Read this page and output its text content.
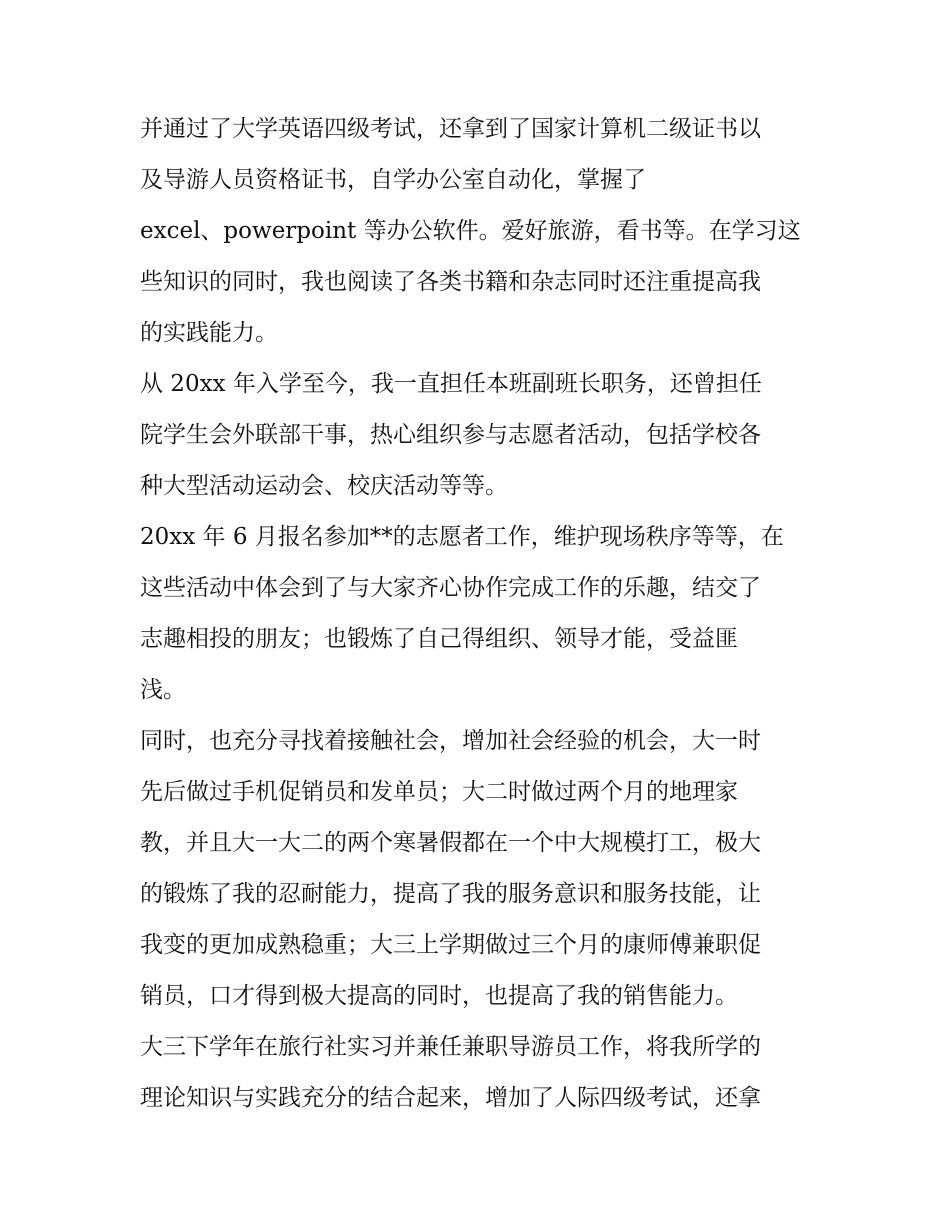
并通过了大学英语四级考试，还拿到了国家计算机二级证书以
及导游人员资格证书，自学办公室自动化，掌握了
excel、powerpoint 等办公软件。爱好旅游，看书等。在学习这
些知识的同时，我也阅读了各类书籍和杂志同时还注重提高我
的实践能力。

从 20xx 年入学至今，我一直担任本班副班长职务，还曾担任
院学生会外联部干事，热心组织参与志愿者活动，包括学校各
种大型活动运动会、校庆活动等等。

20xx 年 6 月报名参加**的志愿者工作，维护现场秩序等等，在
这些活动中体会到了与大家齐心协作完成工作的乐趣，结交了
志趣相投的朋友；也锻炼了自己得组织、领导才能，受益匪
浅。

同时，也充分寻找着接触社会，增加社会经验的机会，大一时
先后做过手机促销员和发单员；大二时做过两个月的地理家
教，并且大一大二的两个寒暑假都在一个中大规模打工，极大
的锻炼了我的忍耐能力，提高了我的服务意识和服务技能，让
我变的更加成熟稳重；大三上学期做过三个月的康师傅兼职促
销员，口才得到极大提高的同时，也提高了我的销售能力。

大三下学年在旅行社实习并兼任兼职导游员工作，将我所学的
理论知识与实践充分的结合起来，增加了人际四级考试，还拿
